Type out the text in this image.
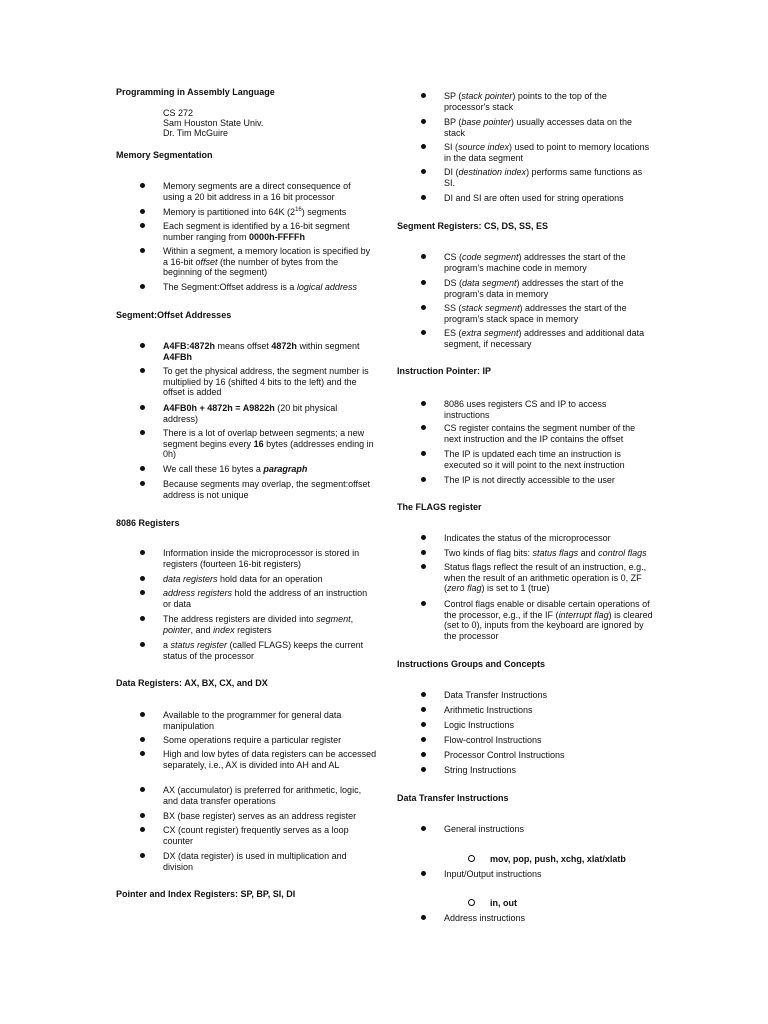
Programming in Assembly Language
CS 272
Sam Houston State Univ.
Dr. Tim McGuire
Memory Segmentation
Memory segments are a direct consequence of using a 20 bit address in a 16 bit processor
Memory is partitioned into 64K $(2^{16})$ segments
Each segment is identified by a 16-bit segment number ranging from 0000h-FFFFh
Within a segment, a memory location is specified by a 16-bit offset (the number of bytes from the beginning of the segment)
The Segment:Offset address is a logical address
Segment:Offset Addresses
A4FB:4872h means offset 4872h within segment A4FBh
To get the physical address, the segment number is multiplied by 16 (shifted 4 bits to the left) and the offset is added
A4FB0h + 4872h = A9822h (20 bit physical address)
There is a lot of overlap between segments; a new segment begins every 16 bytes (addresses ending in 0h)
We call these 16 bytes a paragraph
Because segments may overlap, the segment:offset address is not unique
8086 Registers
Information inside the microprocessor is stored in registers (fourteen 16-bit registers)
data registers hold data for an operation
address registers hold the address of an instruction or data
The address registers are divided into segment, pointer, and index registers
a status register (called FLAGS) keeps the current status of the processor
Data Registers: AX, BX, CX, and DX
Available to the programmer for general data manipulation
Some operations require a particular register
High and low bytes of data registers can be accessed separately, i.e., AX is divided into AH and AL
AX (accumulator) is preferred for arithmetic, logic, and data transfer operations
BX (base register) serves as an address register
CX (count register) frequently serves as a loop counter
DX (data register) is used in multiplication and division
Pointer and Index Registers: SP, BP, SI, DI
SP (stack pointer) points to the top of the processor's stack
BP (base pointer) usually accesses data on the stack
SI (source index) used to point to memory locations in the data segment
DI (destination index) performs same functions as SI.
DI and SI are often used for string operations
Segment Registers: CS, DS, SS, ES
CS (code segment) addresses the start of the program's machine code in memory
DS (data segment) addresses the start of the program's data in memory
SS (stack segment) addresses the start of the program's stack space in memory
ES (extra segment) addresses and additional data segment, if necessary
Instruction Pointer: IP
8086 uses registers CS and IP to access instructions
CS register contains the segment number of the next instruction and the IP contains the offset
The IP is updated each time an instruction is executed so it will point to the next instruction
The IP is not directly accessible to the user
The FLAGS register
Indicates the status of the microprocessor
Two kinds of flag bits: status flags and control flags
Status flags reflect the result of an instruction, e.g., when the result of an arithmetic operation is 0, ZF (zero flag) is set to 1 (true)
Control flags enable or disable certain operations of the processor, e.g., if the IF (interrupt flag) is cleared (set to 0), inputs from the keyboard are ignored by the processor
Instructions Groups and Concepts
Data Transfer Instructions
Arithmetic Instructions
Logic Instructions
Flow-control Instructions
Processor Control Instructions
String Instructions
Data Transfer Instructions
General instructions
mov, pop, push, xchg, xlat/xlatb
Input/Output instructions
in, out
Address instructions
